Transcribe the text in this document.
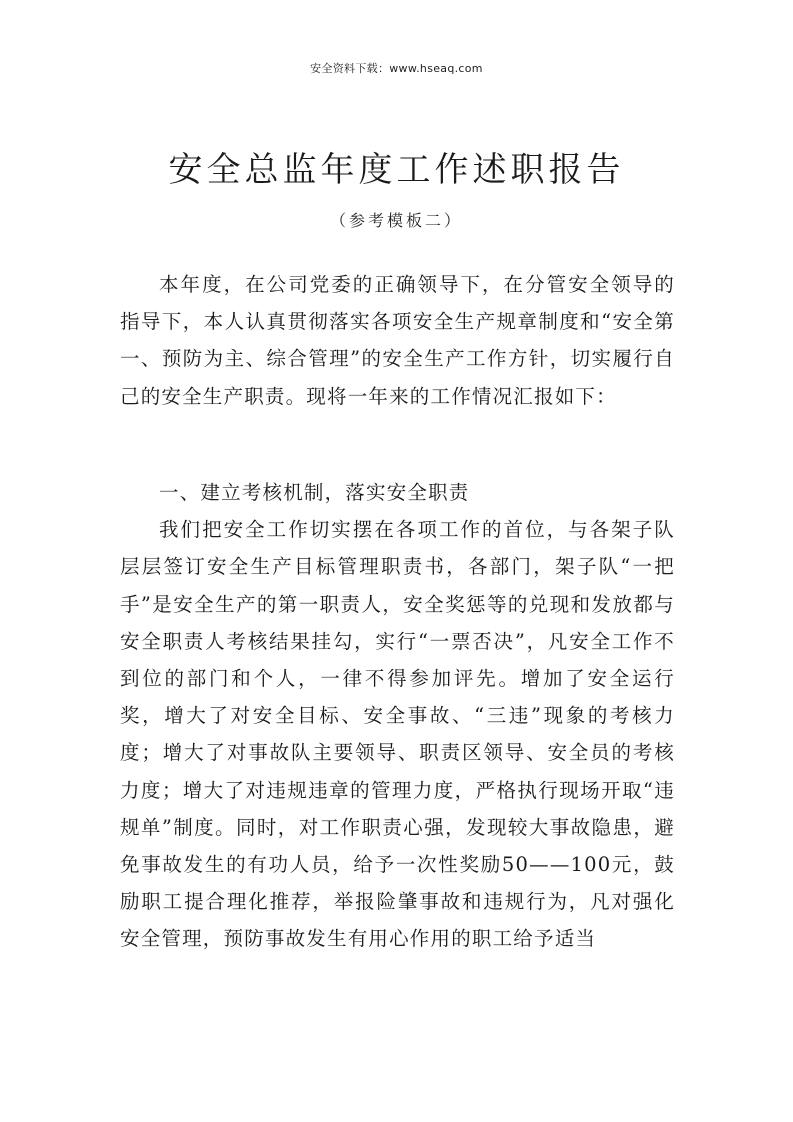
安全资料下载：www.hseaq.com
安全总监年度工作述职报告
（参考模板二）

本年度，在公司党委的正确领导下，在分管安全领导的指导下，本人认真贯彻落实各项安全生产规章制度和“安全第一、预防为主、综合管理”的安全生产工作方针，切实履行自己的安全生产职责。现将一年来的工作情况汇报如下：

一、建立考核机制，落实安全职责

我们把安全工作切实摆在各项工作的首位，与各架子队层层签订安全生产目标管理职责书，各部门，架子队“一把手”是安全生产的第一职责人，安全奖惩等的兑现和发放都与安全职责人考核结果挂勾，实行“一票否决”，凡安全工作不到位的部门和个人，一律不得参加评先。增加了安全运行奖，增大了对安全目标、安全事故、“三违”现象的考核力度；增大了对事故队主要领导、职责区领导、安全员的考核力度；增大了对违规违章的管理力度，严格执行现场开取“违规单”制度。同时，对工作职责心强，发现较大事故隐患，避免事故发生的有功人员，给予一次性奖励50——100元，鼓励职工提合理化推荐，举报险肇事故和违规行为，凡对强化安全管理，预防事故发生有用心作用的职工给予适当
